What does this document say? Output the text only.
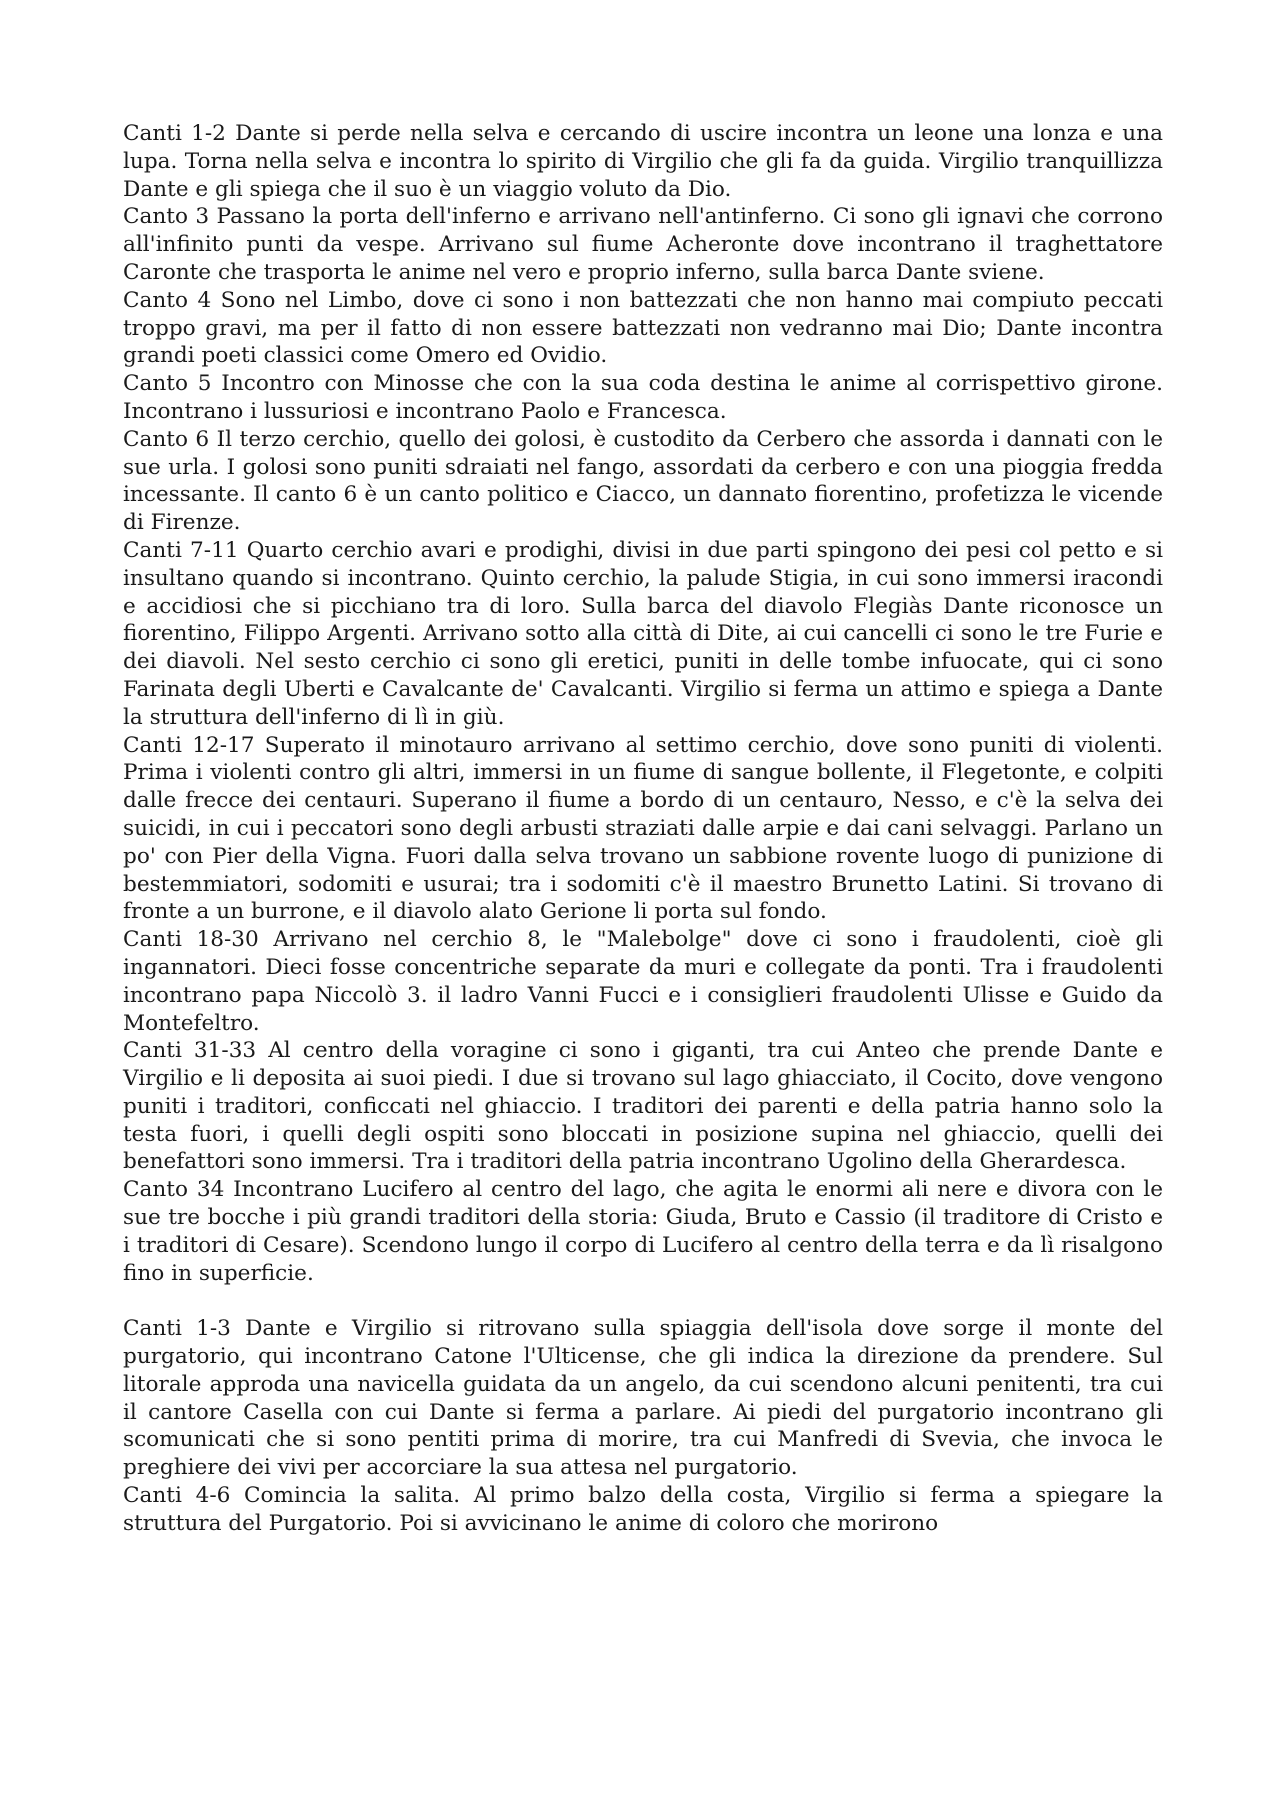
Canti 1-2 Dante si perde nella selva e cercando di uscire incontra un leone una lonza e una lupa. Torna nella selva e incontra lo spirito di Virgilio che gli fa da guida. Virgilio tranquillizza Dante e gli spiega che il suo è un viaggio voluto da Dio.

Canto 3 Passano la porta dell'inferno e arrivano nell'antinferno. Ci sono gli ignavi che corrono all'infinito punti da vespe. Arrivano sul fiume Acheronte dove incontrano il traghettatore Caronte che trasporta le anime nel vero e proprio inferno, sulla barca Dante sviene.

Canto 4 Sono nel Limbo, dove ci sono i non battezzati che non hanno mai compiuto peccati troppo gravi, ma per il fatto di non essere battezzati non vedranno mai Dio; Dante incontra grandi poeti classici come Omero ed Ovidio.

Canto 5 Incontro con Minosse che con la sua coda destina le anime al corrispettivo girone. Incontrano i lussuriosi e incontrano Paolo e Francesca.

Canto 6 Il terzo cerchio, quello dei golosi, è custodito da Cerbero che assorda i dannati con le sue urla. I golosi sono puniti sdraiati nel fango, assordati da cerbero e con una pioggia fredda incessante. Il canto 6 è un canto politico e Ciacco, un dannato fiorentino, profetizza le vicende di Firenze.

Canti 7-11 Quarto cerchio avari e prodighi, divisi in due parti spingono dei pesi col petto e si insultano quando si incontrano. Quinto cerchio, la palude Stigia, in cui sono immersi iracondi e accidiosi che si picchiano tra di loro. Sulla barca del diavolo Flegiàs Dante riconosce un fiorentino, Filippo Argenti. Arrivano sotto alla città di Dite, ai cui cancelli ci sono le tre Furie e dei diavoli. Nel sesto cerchio ci sono gli eretici, puniti in delle tombe infuocate, qui ci sono Farinata degli Uberti e Cavalcante de' Cavalcanti. Virgilio si ferma un attimo e spiega a Dante la struttura dell'inferno di lì in giù.

Canti 12-17 Superato il minotauro arrivano al settimo cerchio, dove sono puniti di violenti. Prima i violenti contro gli altri, immersi in un fiume di sangue bollente, il Flegetonte, e colpiti dalle frecce dei centauri. Superano il fiume a bordo di un centauro, Nesso, e c'è la selva dei suicidi, in cui i peccatori sono degli arbusti straziati dalle arpie e dai cani selvaggi. Parlano un po' con Pier della Vigna. Fuori dalla selva trovano un sabbione rovente luogo di punizione di bestemmiatori, sodomiti e usurai; tra i sodomiti c'è il maestro Brunetto Latini. Si trovano di fronte a un burrone, e il diavolo alato Gerione li porta sul fondo.

Canti 18-30 Arrivano nel cerchio 8, le "Malebolge" dove ci sono i fraudolenti, cioè gli ingannatori. Dieci fosse concentriche separate da muri e collegate da ponti. Tra i fraudolenti incontrano papa Niccolò 3. il ladro Vanni Fucci e i consiglieri fraudolenti Ulisse e Guido da Montefeltro.

Canti 31-33 Al centro della voragine ci sono i giganti, tra cui Anteo che prende Dante e Virgilio e li deposita ai suoi piedi. I due si trovano sul lago ghiacciato, il Cocito, dove vengono puniti i traditori, conficcati nel ghiaccio. I traditori dei parenti e della patria hanno solo la testa fuori, i quelli degli ospiti sono bloccati in posizione supina nel ghiaccio, quelli dei benefattori sono immersi. Tra i traditori della patria incontrano Ugolino della Gherardesca.

Canto 34 Incontrano Lucifero al centro del lago, che agita le enormi ali nere e divora con le sue tre bocche i più grandi traditori della storia: Giuda, Bruto e Cassio (il traditore di Cristo e i traditori di Cesare). Scendono lungo il corpo di Lucifero al centro della terra e da lì risalgono fino in superficie.

Canti 1-3 Dante e Virgilio si ritrovano sulla spiaggia dell'isola dove sorge il monte del purgatorio, qui incontrano Catone l'Ulticense, che gli indica la direzione da prendere. Sul litorale approda una navicella guidata da un angelo, da cui scendono alcuni penitenti, tra cui il cantore Casella con cui Dante si ferma a parlare. Ai piedi del purgatorio incontrano gli scomunicati che si sono pentiti prima di morire, tra cui Manfredi di Svevia, che invoca le preghiere dei vivi per accorciare la sua attesa nel purgatorio.

Canti 4-6 Comincia la salita. Al primo balzo della costa, Virgilio si ferma a spiegare la struttura del Purgatorio. Poi si avvicinano le anime di coloro che morirono
